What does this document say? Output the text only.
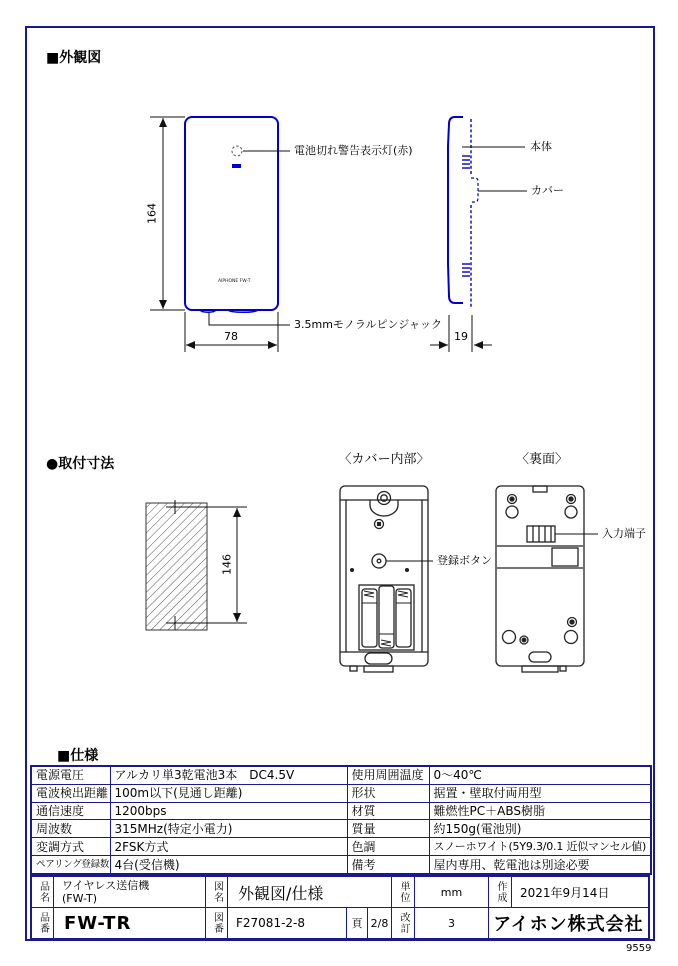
AIPHONE FW-T
■外観図
●取付寸法	〈カバー内部〉	〈裏面〉
■仕様
電池切れ警告表示灯(赤)
3.5mmモノラルピンジャック
本体
カバー
164
78	19
146	登録ボタン
入力端子
電源電圧	アルカリ単3乾電池3本　DC4.5V	使用周囲温度	0～40℃
電波検出距離	100m以下(見通し距離)	形状	据置・壁取付両用型
通信速度	1200bps	材質	難燃性PC＋ABS樹脂
周波数	315MHz(特定小電力)	質量	約150g(電池別)
変調方式	2FSK方式	色調	スノーホワイト(5Y9.3/0.1 近似マンセル値)
ペアリング登録数	4台(受信機)	備考	屋内専用、乾電池は別途必要
品名 ワイヤレス送信機
(FW-T)	図名 外観図/仕様	単位	mm	作成	2021年9月14日
品番 FW-TR	図番	F27081-2-8	頁 2/8 改訂	3	アイホン株式会社
9559
